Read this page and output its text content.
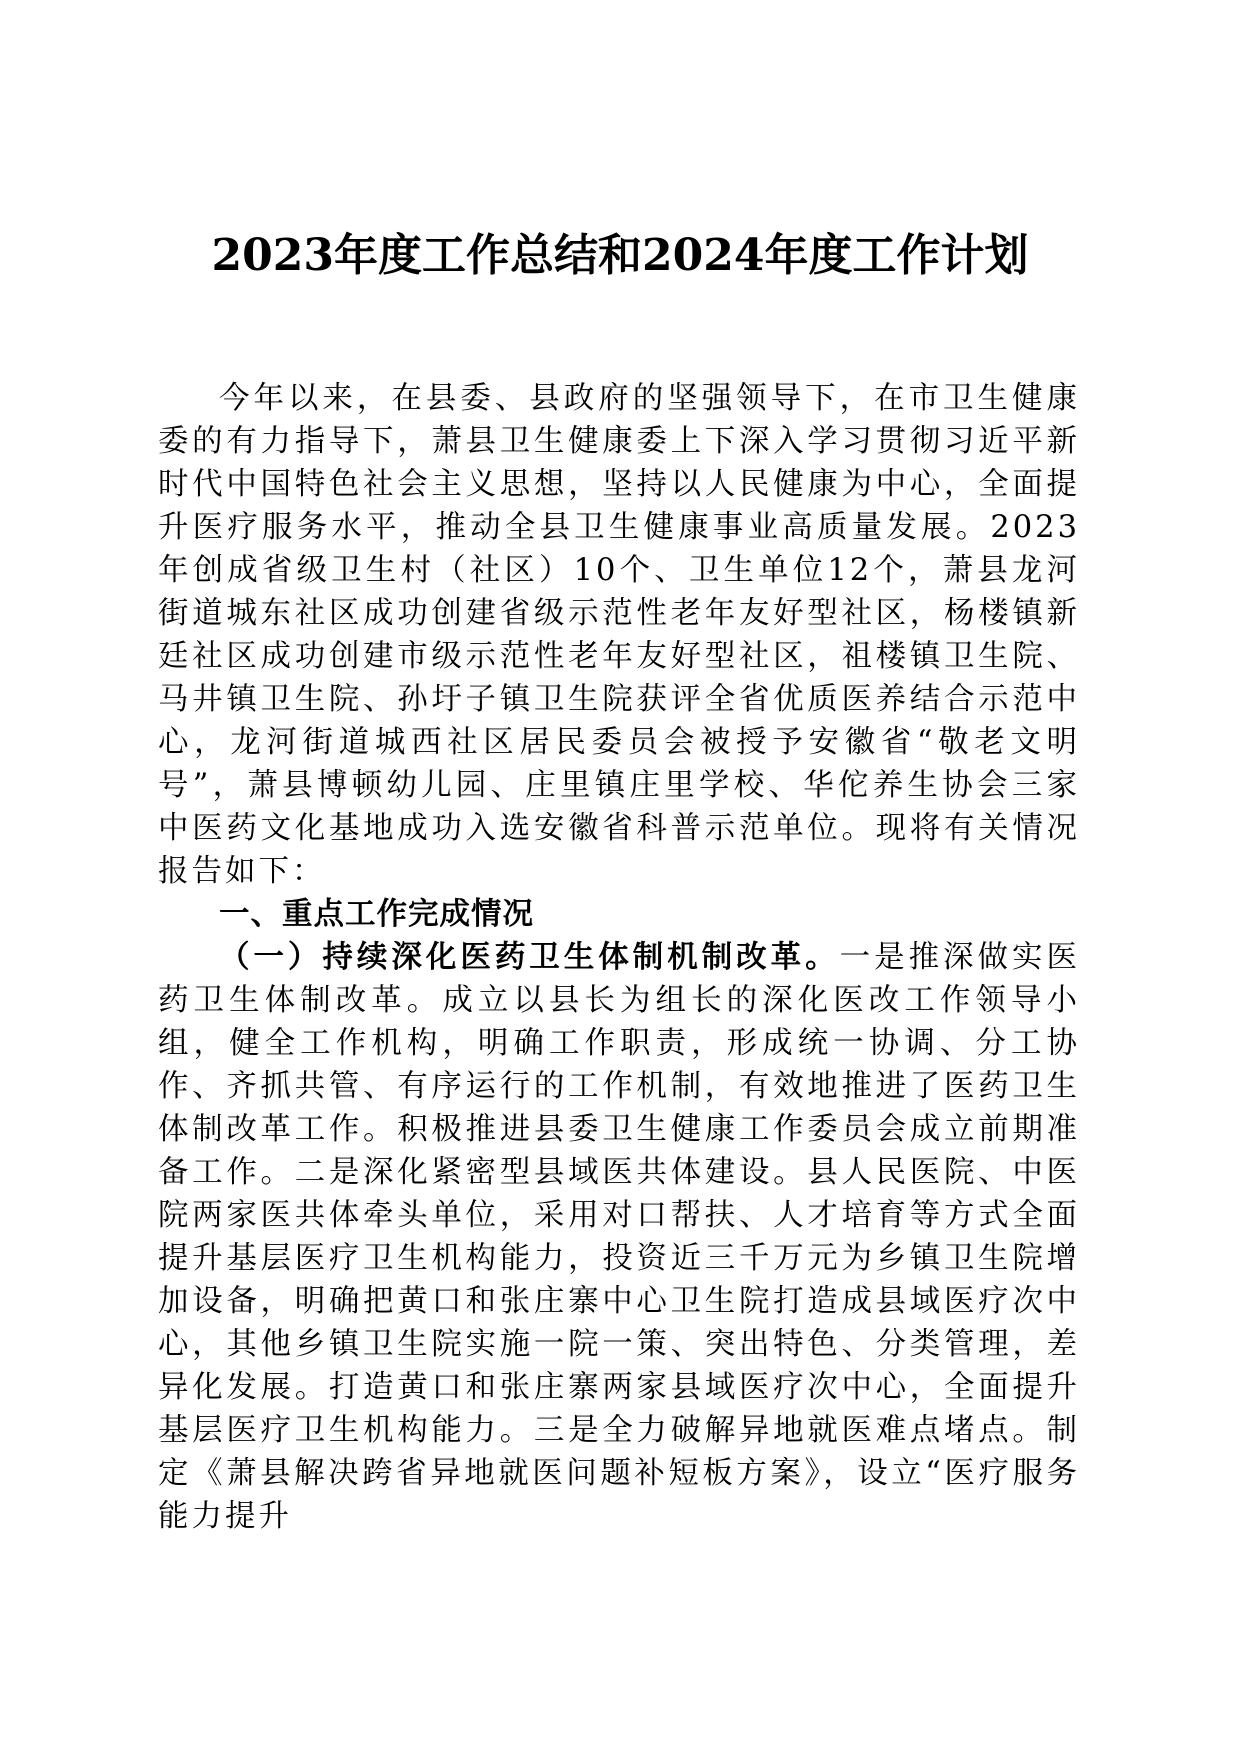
2023年度工作总结和2024年度工作计划

今年以来，在县委、县政府的坚强领导下，在市卫生健康委的有力指导下，萧县卫生健康委上下深入学习贯彻习近平新时代中国特色社会主义思想，坚持以人民健康为中心，全面提升医疗服务水平，推动全县卫生健康事业高质量发展。2023年创成省级卫生村（社区）10个、卫生单位12个，萧县龙河街道城东社区成功创建省级示范性老年友好型社区，杨楼镇新廷社区成功创建市级示范性老年友好型社区，祖楼镇卫生院、马井镇卫生院、孙圩子镇卫生院获评全省优质医养结合示范中心，龙河街道城西社区居民委员会被授予安徽省“敬老文明号”，萧县博顿幼儿园、庄里镇庄里学校、华佗养生协会三家中医药文化基地成功入选安徽省科普示范单位。现将有关情况报告如下：

一、重点工作完成情况

（一）持续深化医药卫生体制机制改革。一是推深做实医药卫生体制改革。成立以县长为组长的深化医改工作领导小组，健全工作机构，明确工作职责，形成统一协调、分工协作、齐抓共管、有序运行的工作机制，有效地推进了医药卫生体制改革工作。积极推进县委卫生健康工作委员会成立前期准备工作。二是深化紧密型县域医共体建设。县人民医院、中医院两家医共体牵头单位，采用对口帮扶、人才培育等方式全面提升基层医疗卫生机构能力，投资近三千万元为乡镇卫生院增加设备，明确把黄口和张庄寨中心卫生院打造成县域医疗次中心，其他乡镇卫生院实施一院一策、突出特色、分类管理，差异化发展。打造黄口和张庄寨两家县域医疗次中心，全面提升基层医疗卫生机构能力。三是全力破解异地就医难点堵点。制定《萧县解决跨省异地就医问题补短板方案》，设立“医疗服务能力提升
